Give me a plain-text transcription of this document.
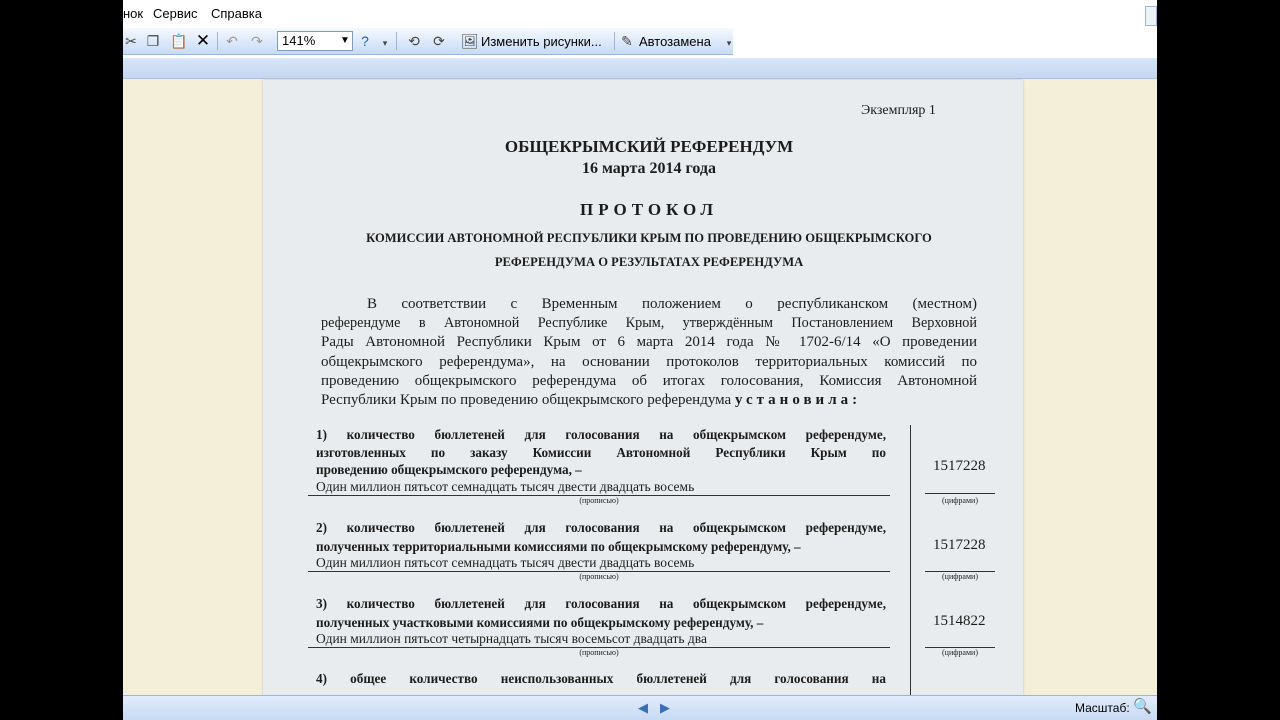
нок Сервис Справка
✂ ❐ 📋 ✕ ↶ ↷ 141% ▼ ?	▾	⟲ ⟳ 🖼 Изменить рисунки... ✎ Автозамена	▾
Экземпляр 1
ОБЩЕКРЫМСКИЙ РЕФЕРЕНДУМ
16 марта 2014 года
ПРОТОКОЛ
КОМИССИИ АВТОНОМНОЙ РЕСПУБЛИКИ КРЫМ ПО ПРОВЕДЕНИЮ ОБЩЕКРЫМСКОГО
РЕФЕРЕНДУМА О РЕЗУЛЬТАТАХ РЕФЕРЕНДУМА
В соответствии с Временным положением о республиканском (местном)
референдуме в Автономной Республике Крым, утверждённым Постановлением Верховной
Рады Автономной Республики Крым от 6 марта 2014 года № 1702-6/14 «О проведении
общекрымского референдума», на основании протоколов территориальных комиссий по
проведению общекрымского референдума об итогах голосования, Комиссия Автономной
Республики Крым по проведению общекрымского референдума установила:
1) количество бюллетеней для голосования на общекрымском референдуме,
изготовленных по заказу Комиссии Автономной Республики Крым по
проведению общекрымского референдума, –
Один миллион пятьсот семнадцать тысяч двести двадцать восемь
(прописью)
1517228
(цифрами)
2) количество бюллетеней для голосования на общекрымском референдуме,
полученных территориальными комиссиями по общекрымскому референдуму, –
Один миллион пятьсот семнадцать тысяч двести двадцать восемь
(прописью)
1517228
(цифрами)
3) количество бюллетеней для голосования на общекрымском референдуме,
полученных участковыми комиссиями по общекрымскому референдуму, –
Один миллион пятьсот четырнадцать тысяч восемьсот двадцать два
(прописью)
1514822
(цифрами)
4) общее количество неиспользованных бюллетеней для голосования на
◀ ▶	Масштаб: 🔍
